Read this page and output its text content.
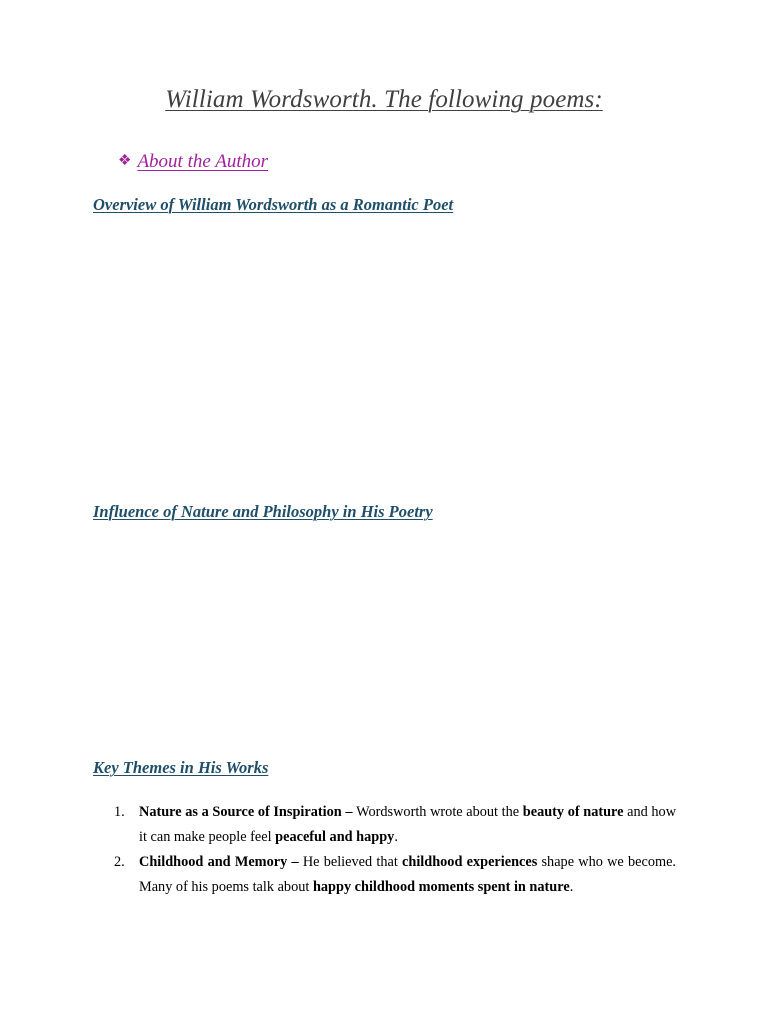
William Wordsworth. The following poems:
❖ About the Author
Overview of William Wordsworth as a Romantic Poet
Influence of Nature and Philosophy in His Poetry
Key Themes in His Works
1. Nature as a Source of Inspiration – Wordsworth wrote about the beauty of nature and how it can make people feel peaceful and happy.
2. Childhood and Memory – He believed that childhood experiences shape who we become. Many of his poems talk about happy childhood moments spent in nature.
